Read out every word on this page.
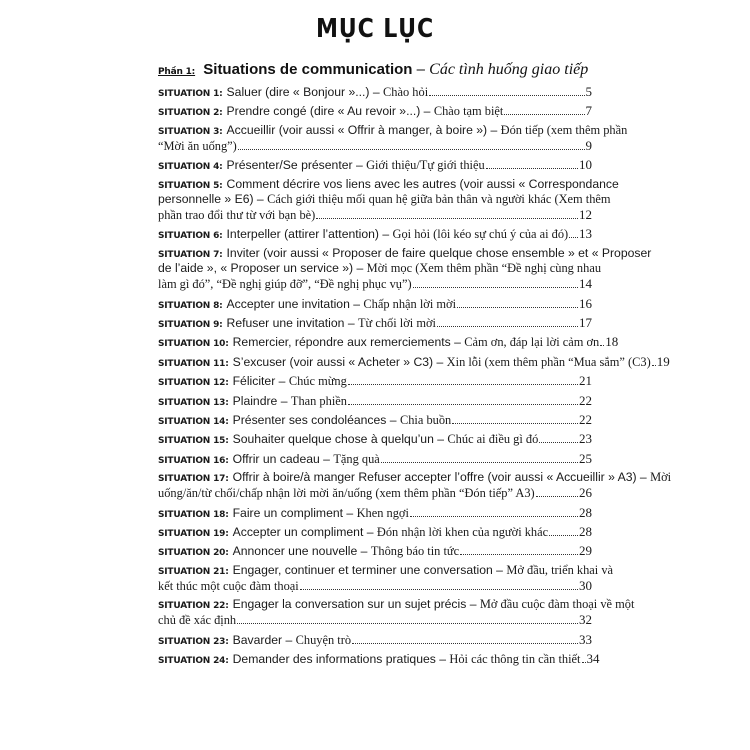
MỤC LỤC
Phần 1: Situations de communication – Các tình huống giao tiếp
SITUATION 1: Saluer (dire « Bonjour »...) – Chào hỏi	5
SITUATION 2: Prendre congé (dire « Au revoir »...) – Chào tạm biệt	7
SITUATION 3: Accueillir (voir aussi « Offrir à manger, à boire ») – Đón tiếp (xem thêm phần
“Mời ăn uống”)	9
SITUATION 4: Présenter/Se présenter – Giới thiệu/Tự giới thiệu	10
SITUATION 5: Comment décrire vos liens avec les autres (voir aussi « Correspondance
personnelle » E6) – Cách giới thiệu mối quan hệ giữa bản thân và người khác (Xem thêm
phần trao đổi thư từ với bạn bè)	12
SITUATION 6: Interpeller (attirer l’attention) – Gọi hỏi (lôi kéo sự chú ý của ai đó) 13
SITUATION 7: Inviter (voir aussi « Proposer de faire quelque chose ensemble » et « Proposer
de l’aide », « Proposer un service ») – Mời mọc (Xem thêm phần “Đề nghị cùng nhau
làm gì đó”, “Đề nghị giúp đỡ”, “Đề nghị phục vụ”)	14
SITUATION 8: Accepter une invitation – Chấp nhận lời mời	16
SITUATION 9: Refuser une invitation – Từ chối lời mời	17
SITUATION 10: Remercier, répondre aux remerciements – Cảm ơn, đáp lại lời cảm ơn 18
SITUATION 11: S’excuser (voir aussi « Acheter » C3) – Xin lỗi (xem thêm phần “Mua sắm” (C3) 19
SITUATION 12: Féliciter – Chúc mừng	21
SITUATION 13: Plaindre – Than phiền	22
SITUATION 14: Présenter ses condoléances – Chia buồn	22
SITUATION 15: Souhaiter quelque chose à quelqu’un – Chúc ai điều gì đó	23
SITUATION 16: Offrir un cadeau – Tặng quà	25
SITUATION 17: Offrir à boire/à manger Refuser accepter l’offre (voir aussi « Accueillir » A3) – Mời
uống/ăn/từ chối/chấp nhận lời mời ăn/uống (xem thêm phần “Đón tiếp” A3)	26
SITUATION 18: Faire un compliment – Khen ngợi	28
SITUATION 19: Accepter un compliment – Đón nhận lời khen của người khác 28
SITUATION 20: Annoncer une nouvelle – Thông báo tin tức	29
SITUATION 21: Engager, continuer et terminer une conversation – Mở đầu, triển khai và
kết thúc một cuộc đàm thoại	30
SITUATION 22: Engager la conversation sur un sujet précis – Mở đầu cuộc đàm thoại về một
chủ đề xác định	32
SITUATION 23: Bavarder – Chuyện trò	33
SITUATION 24: Demander des informations pratiques – Hỏi các thông tin cần thiết 34
